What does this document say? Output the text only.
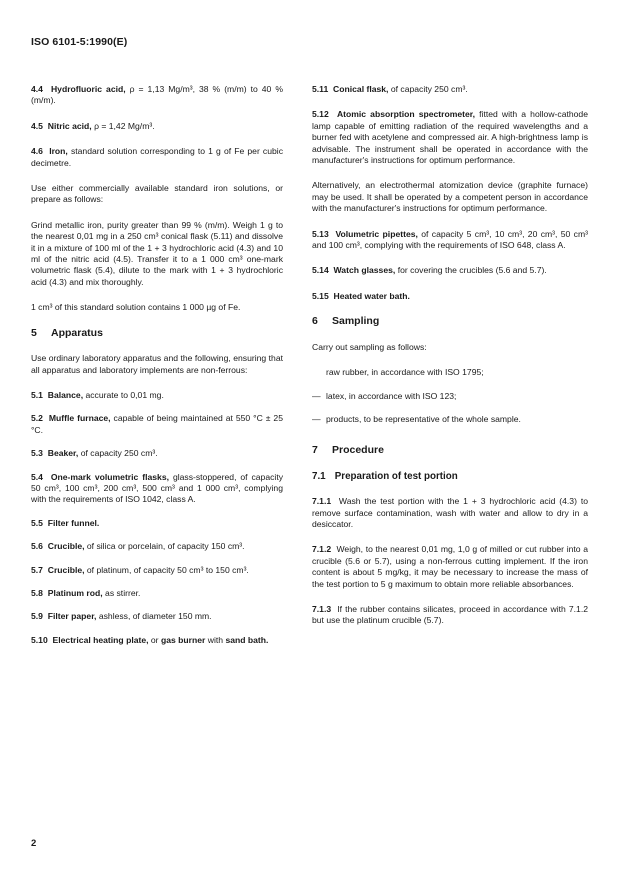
ISO 6101-5:1990(E)

4.4 Hydrofluoric acid, ρ = 1,13 Mg/m³, 38 % (m/m) to 40 % (m/m).

4.5 Nitric acid, ρ = 1,42 Mg/m³.

4.6 Iron, standard solution corresponding to 1 g of Fe per cubic decimetre.

Use either commercially available standard iron solutions, or prepare as follows:

Grind metallic iron, purity greater than 99 % (m/m). Weigh 1 g to the nearest 0,01 mg in a 250 cm³ conical flask (5.11) and dissolve it in a mixture of 100 ml of the 1 + 3 hydrochloric acid (4.3) and 10 ml of the nitric acid (4.5). Transfer it to a 1 000 cm³ one-mark volumetric flask (5.4), dilute to the mark with 1 + 3 hydrochloric acid (4.3) and mix thoroughly.

1 cm³ of this standard solution contains 1 000 µg of Fe.

5 Apparatus

Use ordinary laboratory apparatus and the following, ensuring that all apparatus and laboratory implements are non-ferrous:

5.1 Balance, accurate to 0,01 mg.

5.2 Muffle furnace, capable of being maintained at 550 °C ± 25 °C.

5.3 Beaker, of capacity 250 cm³.

5.4 One-mark volumetric flasks, glass-stoppered, of capacity 50 cm³, 100 cm³, 200 cm³, 500 cm³ and 1 000 cm³, complying with the requirements of ISO 1042, class A.

5.5 Filter funnel.

5.6 Crucible, of silica or porcelain, of capacity 150 cm³.

5.7 Crucible, of platinum, of capacity 50 cm³ to 150 cm³.

5.8 Platinum rod, as stirrer.

5.9 Filter paper, ashless, of diameter 150 mm.

5.10 Electrical heating plate, or gas burner with sand bath.

5.11 Conical flask, of capacity 250 cm³.

5.12 Atomic absorption spectrometer, fitted with a hollow-cathode lamp capable of emitting radiation of the required wavelengths and a burner fed with acetylene and compressed air. A high-brightness lamp is advisable. The instrument shall be operated in accordance with the manufacturer's instructions for optimum performance.

Alternatively, an electrothermal atomization device (graphite furnace) may be used. It shall be operated by a competent person in accordance with the manufacturer's instructions for optimum performance.

5.13 Volumetric pipettes, of capacity 5 cm³, 10 cm³, 20 cm³, 50 cm³ and 100 cm³, complying with the requirements of ISO 648, class A.

5.14 Watch glasses, for covering the crucibles (5.6 and 5.7).

5.15 Heated water bath.

6 Sampling

Carry out sampling as follows:

raw rubber, in accordance with ISO 1795;

— latex, in accordance with ISO 123;

— products, to be representative of the whole sample.

7 Procedure
7.1 Preparation of test portion

7.1.1 Wash the test portion with the 1 + 3 hydrochloric acid (4.3) to remove surface contamination, wash with water and allow to dry in a desiccator.

7.1.2 Weigh, to the nearest 0,01 mg, 1,0 g of milled or cut rubber into a crucible (5.6 or 5.7), using a non-ferrous cutting implement. If the iron content is about 5 mg/kg, it may be necessary to increase the mass of the test portion to 5 g maximum to obtain more reliable absorbances.

7.1.3 If the rubber contains silicates, proceed in accordance with 7.1.2 but use the platinum crucible (5.7).

2
